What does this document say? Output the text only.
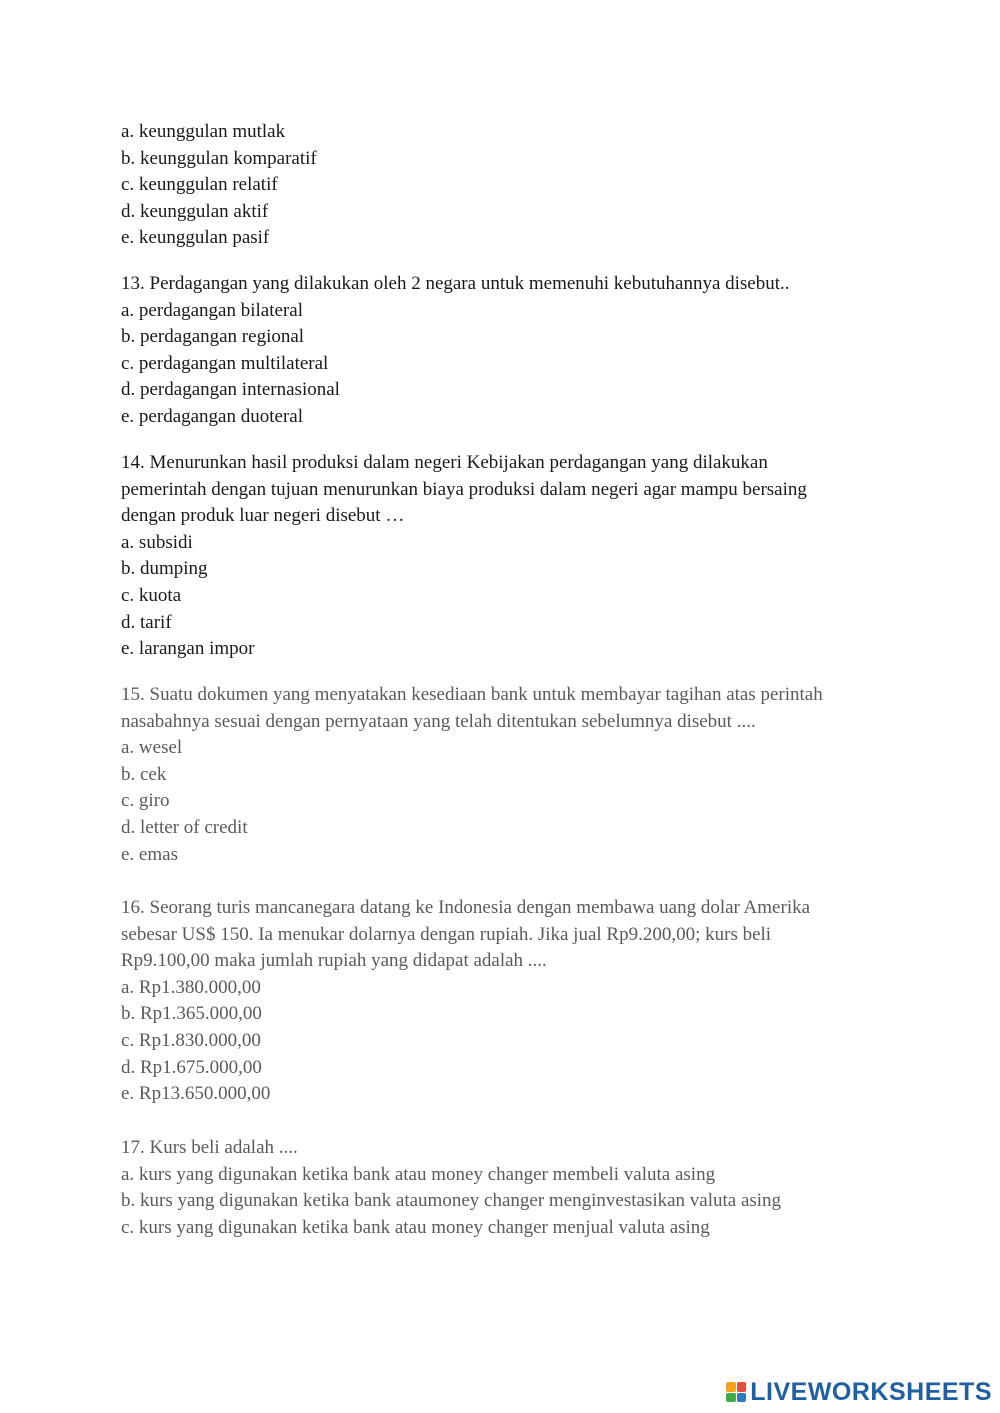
a. keunggulan mutlak
b. keunggulan komparatif
c. keunggulan relatif
d. keunggulan aktif
e. keunggulan pasif
13. Perdagangan yang dilakukan oleh 2 negara untuk memenuhi kebutuhannya disebut..
a. perdagangan bilateral
b. perdagangan regional
c. perdagangan multilateral
d. perdagangan internasional
e. perdagangan duoteral
14. Menurunkan hasil produksi dalam negeri Kebijakan perdagangan yang dilakukan
pemerintah dengan tujuan menurunkan biaya produksi dalam negeri agar mampu bersaing
dengan produk luar negeri disebut …
a. subsidi
b. dumping
c. kuota
d. tarif
e. larangan impor
15. Suatu dokumen yang menyatakan kesediaan bank untuk membayar tagihan atas perintah
nasabahnya sesuai dengan pernyataan yang telah ditentukan sebelumnya disebut ....
a. wesel
b. cek
c. giro
d. letter of credit
e. emas
16. Seorang turis mancanegara datang ke Indonesia dengan membawa uang dolar Amerika
sebesar US$ 150. Ia menukar dolarnya dengan rupiah. Jika jual Rp9.200,00; kurs beli
Rp9.100,00 maka jumlah rupiah yang didapat adalah ....
a. Rp1.380.000,00
b. Rp1.365.000,00
c. Rp1.830.000,00
d. Rp1.675.000,00
e. Rp13.650.000,00
17. Kurs beli adalah ....
a. kurs yang digunakan ketika bank atau money changer membeli valuta asing
b. kurs yang digunakan ketika bank ataumoney changer menginvestasikan valuta asing
c. kurs yang digunakan ketika bank atau money changer menjual valuta asing
LIVEWORKSHEETS
